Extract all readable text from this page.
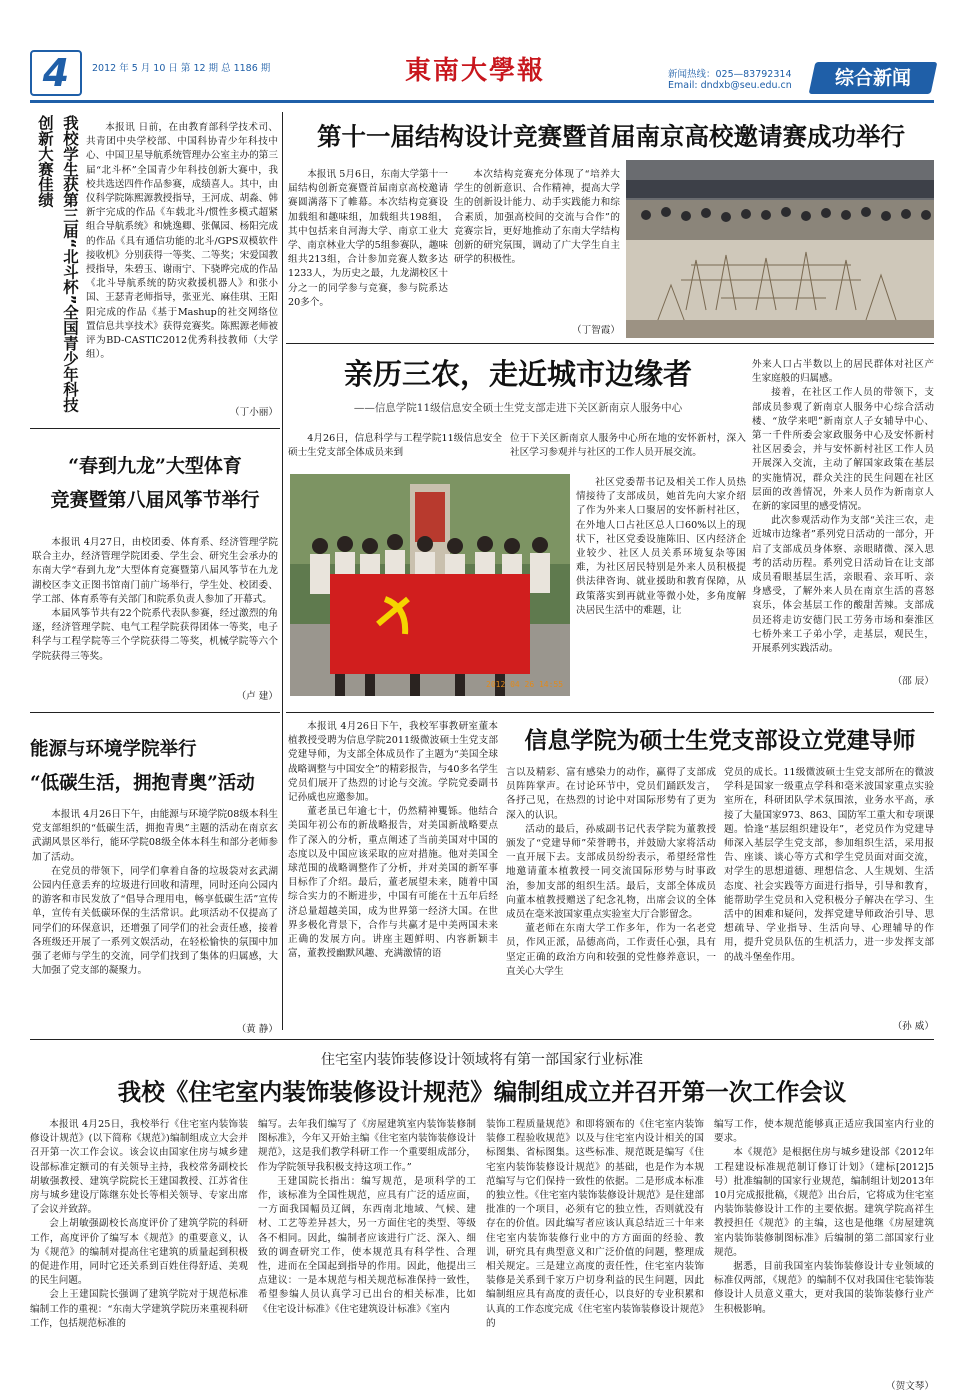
4	2012 年 5 月 10 日 第 12 期 总 1186 期	東南大學報	新闻热线：025—83792314
Email: dndxb@seu.edu.cn	综合新闻
我校学生获第三届“北斗杯”全国青少年科技创新大赛佳绩	本报讯 日前，在由教育部科学技术司、共青团中央学校部、中国科协青少年科技中心、中国卫星导航系统管理办公室主办的第三届“北斗杯”全国青少年科技创新大赛中，我校共选送四件作品参赛，成绩喜人。其中，由仪科学院陈熙源教授指导，王河成、胡淼、韩新宇完成的作品《车载北斗/惯性多模式超紧组合导航系统》和姚逸卿、张佩园、杨阳完成的作品《具有通信功能的北斗/GPS双模软件接收机》分别获得一等奖、二等奖；宋爱国教授指导，朱碧玉、谢雨宁、下骁晔完成的作品《北斗导航系统的防灾救援机器人》和张小国、王瑟青老师指导，张亚光、麻佳琪、王阳阳完成的作品《基于Mashup的社交网络位置信息共享技术》获得竞赛奖。陈熙源老师被评为BD-CASTIC2012优秀科技教师（大学组）。

（丁小丽）
第十一届结构设计竞赛暨首届南京高校邀请赛成功举行

本报讯 5月6日，东南大学第十一届结构创新竞赛暨首届南京高校邀请赛圆满落下了帷幕。本次结构竞赛设加载组和趣味组，加载组共198组，其中包括来自河海大学、南京工业大学、南京林业大学的5组参赛队，趣味组共213组，合计参加竞赛人数多达1233人，为历史之最，九龙湖校区十分之一的同学参与竞赛，参与院系达20多个。

本次结构竞赛充分体现了“培养大学生的创新意识、合作精神，提高大学生的创新设计能力、动手实践能力和综合素质，加强高校间的交流与合作”的竞赛宗旨，更好地推动了东南大学结构创新的研究氛围，调动了广大学生自主研学的积极性。

（丁智霞）
“春到九龙”大型体育
竞赛暨第八届风筝节举行

本报讯 4月27日，由校团委、体育系、经济管理学院联合主办，经济管理学院团委、学生会、研究生会承办的东南大学“春到九龙”大型体育竞赛暨第八届风筝节在九龙湖校区李文正图书馆南门前广场举行，学生处、校团委、学工部、体育系等有关部门和院系负责人参加了开幕式。

本届风筝节共有22个院系代表队参赛，经过激烈的角逐，经济管理学院、电气工程学院获得团体一等奖，电子科学与工程学院等三个学院获得二等奖，机械学院等六个学院获得三等奖。

（卢 建）
亲历三农，走近城市边缘者
——信息学院11级信息安全硕士生党支部走进下关区新南京人服务中心

4月26日，信息科学与工程学院11级信息安全硕士生党支部全体成员来到

位于下关区新南京人服务中心所在地的安怀新村，深入社区学习参观并与社区的工作人员开展交流。

社区党委帮书记及相关工作人员热情接待了支部成员，她首先向大家介绍了作为外来人口聚居的安怀新村社区，在外地人口占社区总人口60%以上的现状下，社区党委设施陈旧、区内经济企业较少、社区人员关系环境复杂等困难，为社区居民特别是外来人员积极提供法律咨询、就业援助和教育保障，从政策落实到再就业等微小处，多角度解决居民生活中的难题，让

外来人口占半数以上的居民群体对社区产生家庭般的归属感。

接着，在社区工作人员的带领下，支部成员参观了新南京人服务中心综合活动楼、“放学来吧”新南京人子女辅导中心、第一千件所委会家政服务中心及安怀新村社区居委会，并与安怀新村社区工作人员开展深入交流，主动了解国家政策在基层的实施情况，群众关注的民生问题在社区层面的改善情况，外来人员作为新南京人在新的家园里的感受情况。

此次参观活动作为支部“关注三农，走近城市边缘者”系列党日活动的一部分，开启了支部成员身体察、亲眼睹微、深入思考的活动历程。系列党日活动旨在让支部成员看眼基层生活，亲眼看、亲耳听、亲身感受，了解外来人员在南京生活的喜怒哀乐，体会基层工作的酸甜苦辣。支部成员还将走访安德门民工劳务市场和秦淮区七桥外来工子弟小学，走基层，观民生，开展系列实践活动。

（邵 辰）
2012 04 26 14:55
能源与环境学院举行
“低碳生活，拥抱青奥”活动

本报讯 4月26日下午，由能源与环境学院08级本科生党支部组织的“低碳生活，拥抱青奥”主题的活动在南京玄武湖风景区举行，能环学院08级全体本科生和部分老师参加了活动。

在党员的带领下，同学们拿着自备的垃圾袋对玄武湖公园内任意丢弃的垃圾进行回收和清理，同时还向公园内的游客和市民发放了“倡导合理用电，畅享低碳生活”宣传单，宣传有关低碳环保的生活常识。此项活动不仅提高了同学们的环保意识，还增强了同学们的社会责任感，接着各班级还开展了一系列文娱活动，在轻松愉快的氛围中加强了老师与学生的交流，同学们找到了集体的归属感，大大加强了党支部的凝聚力。

（黄 静）
信息学院为硕士生党支部设立党建导师

本报讯 4月26日下午，我校军事教研室董本植教授受聘为信息学院2011级微波硕士生党支部党建导师，为支部全体成员作了主题为“美国全球战略调整与中国安全”的精彩报告，与40多名学生党员们展开了热烈的讨论与交流。学院党委副书记孙威也应邀参加。

董老虽已年逾七十，仍然精神矍铄。他结合美国年初公布的新战略报告，对美国新战略要点作了深入的分析，重点阐述了当前美国对中国的态度以及中国应该采取的应对措施。他对美国全球范围的战略调整作了分析，并对美国的新军事目标作了介绍。最后，董老展望未来，随着中国综合实力的不断进步，中国有可能在十五年后经济总量超越美国，成为世界第一经济大国。在世界多极化背景下，合作与共赢才是中美两国未来正确的发展方向。讲座主题鲜明、内容新颖丰富，董教授幽默风趣、充满激情的语

言以及精彩、富有感染力的动作，赢得了支部成员阵阵掌声。在讨论环节中，党员们踊跃发言，各抒己见，在热烈的讨论中对国际形势有了更为深入的认识。

活动的最后，孙威副书记代表学院为董教授颁发了“党建导师”荣誉聘书，并鼓励大家将活动一直开展下去。支部成员纷纷表示，希望经常性地邀请董本植教授一同交流国际形势与时事政治，参加支部的组织生活。最后，支部全体成员向董本植教授赠送了纪念礼物，出席会议的全体成员在毫米波国家重点实验室大厅合影留念。

董老师在东南大学工作多年，作为一名老党员，作风正派，品德高尚，工作责任心强，具有坚定正确的政治方向和较强的党性修养意识，一直关心大学生

党员的成长。11级微波硕士生党支部所在的微波学科是国家一级重点学科和毫米波国家重点实验室所在，科研团队学术氛围浓，业务水平高，承接了大量国家973、863、国防军工重大和专项课题。恰逢“基层组织建设年”，老党员作为党建导师深入基层学生党支部，参加组织生活，采用报告、座谈、谈心等方式和学生党员面对面交流，对学生的思想道德、理想信念、人生规划、生活态度、社会实践等方面进行指导，引导和教育，能帮助学生党员和入党积极分子解决在学习、生活中的困难和疑问，发挥党建导师政治引导、思想疏导、学业指导、生活向导、心理辅导的作用，提升党员队伍的生机活力，进一步发挥支部的战斗堡垒作用。

（孙 威）
住宅室内装饰装修设计领域将有第一部国家行业标准
我校《住宅室内装饰装修设计规范》编制组成立并召开第一次工作会议

本报讯 4月25日，我校举行《住宅室内装饰装修设计规范》(以下简称《规范》)编制组成立大会并召开第一次工作会议。该会议由国家住房与城乡建设部标准定额司的有关领导主持，我校常务副校长胡敏强教授、建筑学院院长王建国教授、江苏省住房与城乡建设厅陈继东处长等相关领导、专家出席了会议并致辞。

会上胡敏强副校长高度评价了建筑学院的科研工作，高度评价了编写本《规范》的重要意义，认为《规范》的编制对提高住宅建筑的质量起到积极的促进作用，同时它还关系到百姓住得舒适、美观的民生问题。

会上王建国院长强调了建筑学院对于规范标准编制工作的重视：“东南大学建筑学院历来重视科研工作，包括规范标准的

编写。去年我们编写了《房屋建筑室内装饰装修制图标准》，今年又开始主编《住宅室内装饰装修设计规范》，这是我们教学科研工作一个重要组成部分，作为学院领导我积极支持这项工作。”

王建国院长指出：编写规范，是项科学的工作，该标准为全国性规范，应具有广泛的适应面，一方面我国幅员辽阔，东西南北地域、气候、建材、工艺等差异甚大，另一方面住宅的类型、等级各不相同。因此，编制者应该进行广泛、深入、细致的调查研究工作，使本规范具有科学性、合理性，进而在全国起到指导的作用。因此，他提出三点建议：一是本规范与相关规范标准保持一致性，希望参编人员认真学习已出台的相关标准，比如《住宅设计标准》《住宅建筑设计标准》《室内

装饰工程质量规范》和即将颁布的《住宅室内装饰装修工程验收规范》以及与住宅室内设计相关的国标图集、省标图集。这些标准、规范既是编写《住宅室内装饰装修设计规范》的基础，也是作为本规范编写与它们保持一致性的依据。二是形成本标准的独立性。《住宅室内装饰装修设计规范》是住建部批准的一个项目，必须有它的独立性，否则就没有存在的价值。因此编写者应该认真总结近三十年来住宅室内装饰装修行业中的方方面面的经验、教训，研究具有典型意义和广泛价值的问题，整理成相关规定。三是建立高度的责任性，住宅室内装饰装修是关系到千家万户切身利益的民生问题，因此编制组应具有高度的责任心，以良好的专业积累和认真的工作态度完成《住宅室内装饰装修设计规范》的

编写工作，使本规范能够真正适应我国室内行业的要求。

本《规范》是根据住房与城乡建设部《2012年工程建设标准规范制订修订计划》（建标[2012]5号）批准编制的国家行业规范，编制组计划2013年10月完成报批稿，《规范》出台后，它将成为住宅室内装饰装修设计工作的主要依据。建筑学院高祥生教授担任《规范》的主编，这也是他继《房屋建筑室内装饰装修制图标准》后编制的第二部国家行业规范。

据悉，目前我国室内装饰装修设计专业领域的标准仅两部，《规范》的编制不仅对我国住宅装饰装修设计人员意义重大，更对我国的装饰装修行业产生积极影响。

（贺文琴）
